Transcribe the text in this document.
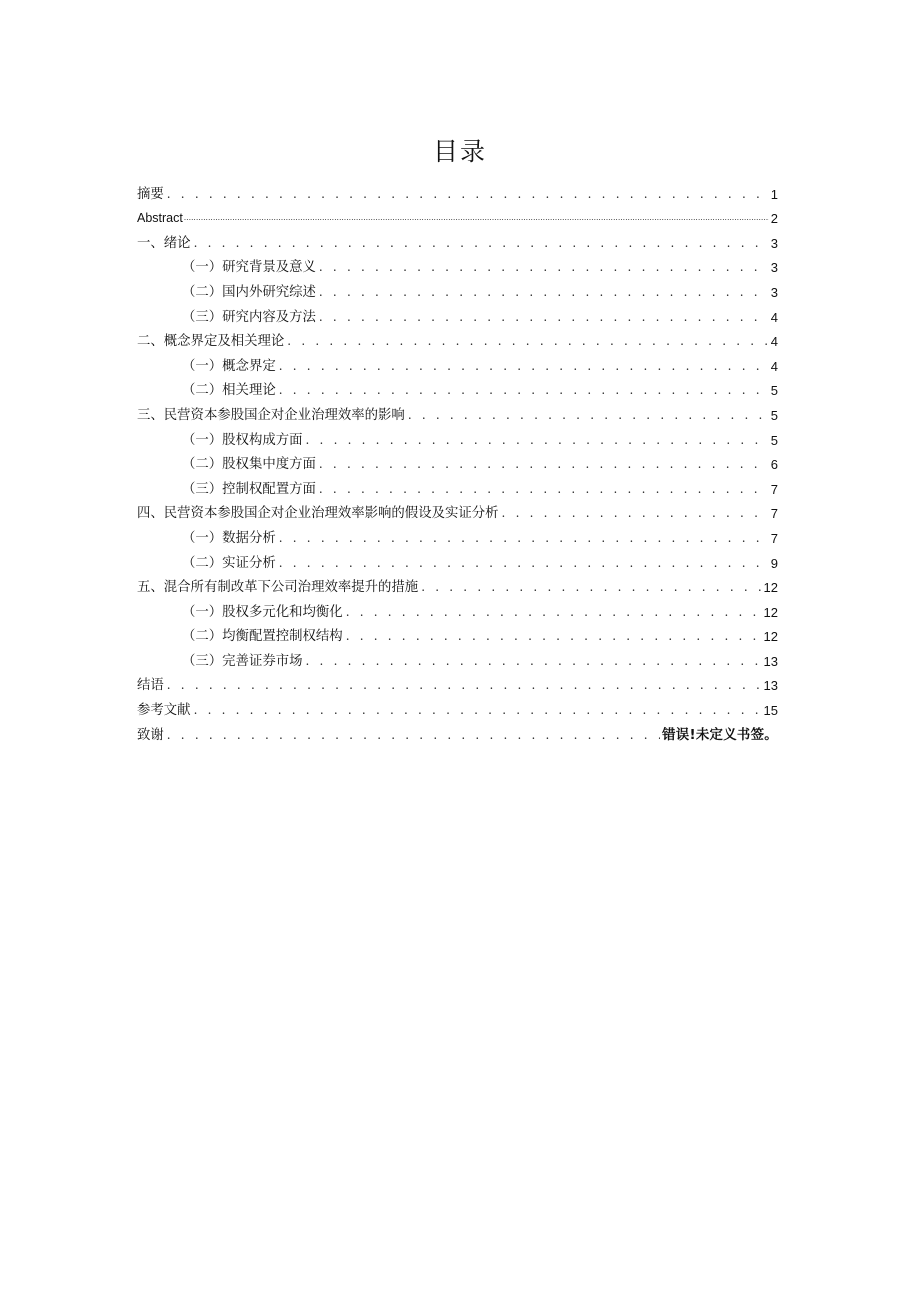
目录
摘要 . . .	1
Abstract .....	2
一、绪论 . . .	3
（一）研究背景及意义 . . .	3
（二）国内外研究综述 . . .	3
（三）研究内容及方法 . . .	4
二、概念界定及相关理论 . . .	4
（一）概念界定 . . .	4
（二）相关理论 . . .	5
三、民营资本参股国企对企业治理效率的影响 . . .	5
（一）股权构成方面 . . .	5
（二）股权集中度方面 . . .	6
（三）控制权配置方面 . . .	7
四、民营资本参股国企对企业治理效率影响的假设及实证分析 . . .	7
（一）数据分析 . . .	7
（二）实证分析 . . .	9
五、混合所有制改革下公司治理效率提升的措施 . . .	12
（一）股权多元化和均衡化 . . .	12
（二）均衡配置控制权结构 . . .	12
（三）完善证券市场 . . .	13
结语 . . .	13
参考文献 . . .	15
致谢 . . .	错误!未定义书签。
